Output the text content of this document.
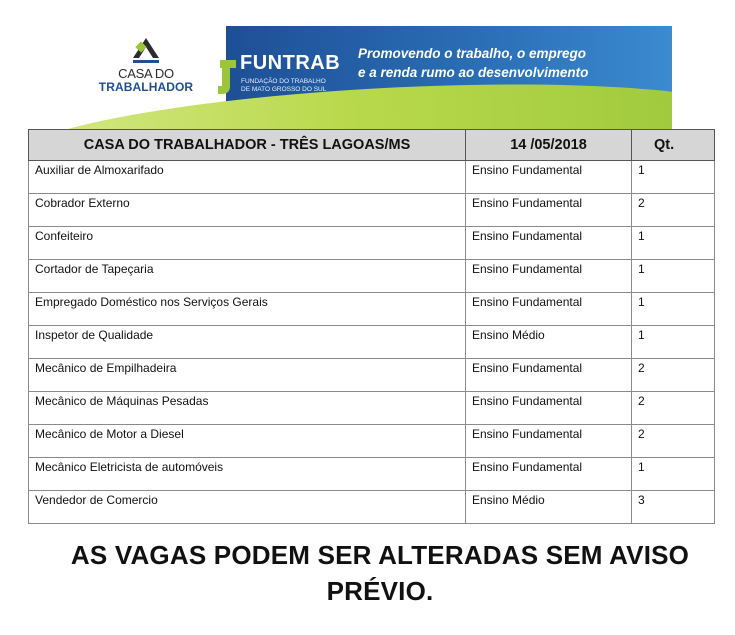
CASA DO
TRABALHADOR
FUNTRAB
FUNDAÇÃO DO TRABALHO
DE MATO GROSSO DO SUL
Promovendo o trabalho, o emprego
e a renda rumo ao desenvolvimento
CASA DO TRABALHADOR - TRÊS LAGOAS/MS	14 /05/2018	Qt.
Auxiliar de Almoxarifado	Ensino Fundamental	1
Cobrador Externo	Ensino Fundamental	2
Confeiteiro	Ensino Fundamental	1
Cortador de Tapeçaria	Ensino Fundamental	1
Empregado Doméstico nos Serviços Gerais	Ensino Fundamental	1
Inspetor de Qualidade	Ensino Médio	1
Mecânico de Empilhadeira	Ensino Fundamental	2
Mecânico de Máquinas Pesadas	Ensino Fundamental	2
Mecânico de Motor a Diesel	Ensino Fundamental	2
Mecânico Eletricista de automóveis	Ensino Fundamental	1
Vendedor de Comercio	Ensino Médio	3
AS VAGAS PODEM SER ALTERADAS SEM AVISO
PRÉVIO.
